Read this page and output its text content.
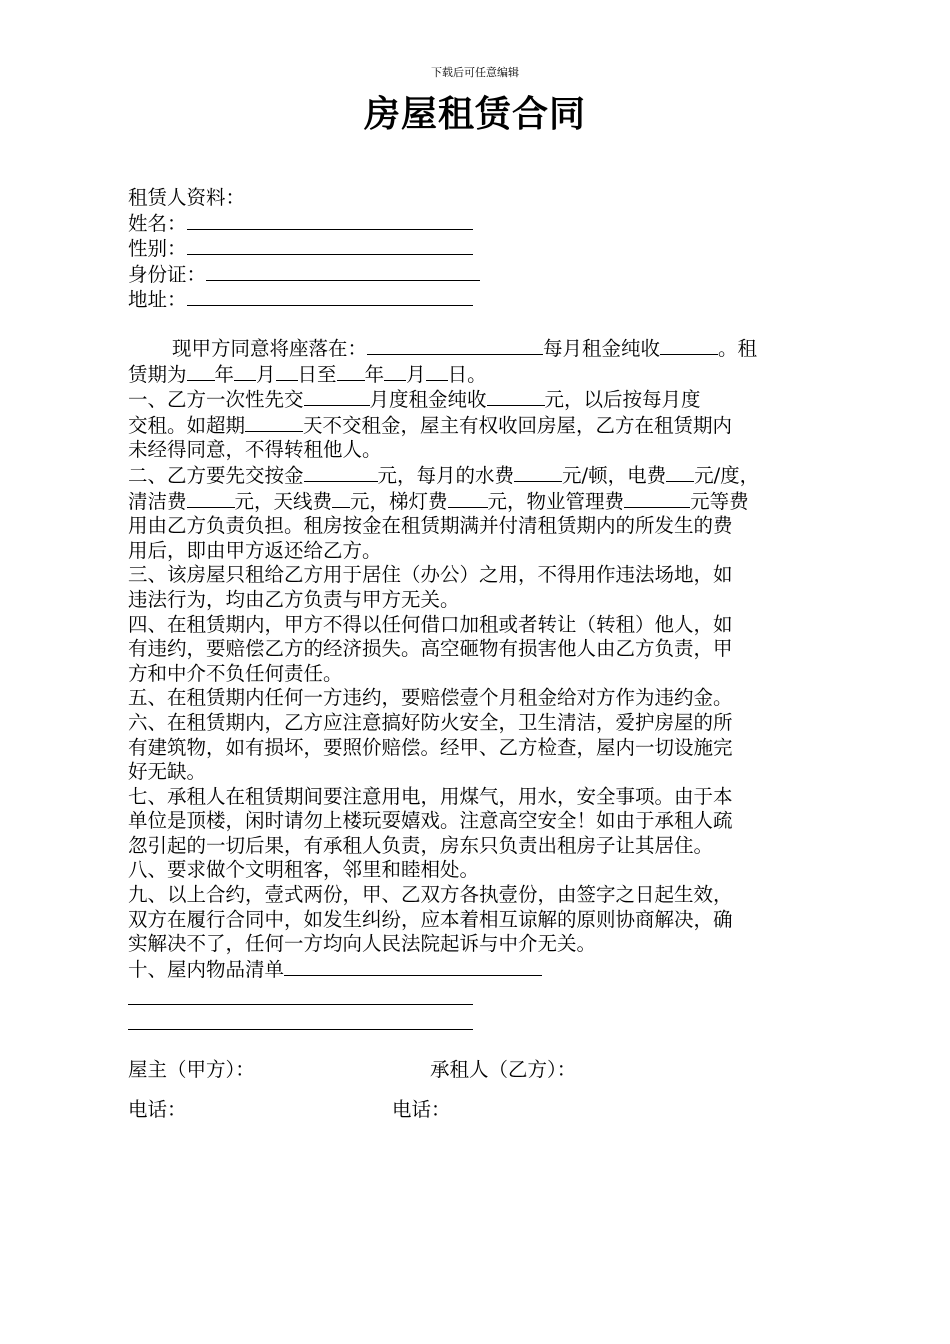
下载后可任意编辑
房屋租赁合同
租赁人资料：
姓名：
性别：
身份证：
地址：
现甲方同意将座落在：	每月租金纯收	。租
赁期为 年 月 日至 年 月 日。
一、乙方一次性先交	月度租金纯收	元，以后按每月度
交租。如超期	天不交租金，屋主有权收回房屋，乙方在租赁期内
未经得同意，不得转租他人。
二、乙方要先交按金	元，每月的水费 元/顿，电费 元/度，
清洁费 元，天线费 元，梯灯费 元，物业管理费	元等费
用由乙方负责负担。租房按金在租赁期满并付清租赁期内的所发生的费
用后，即由甲方返还给乙方。
三、该房屋只租给乙方用于居住（办公）之用，不得用作违法场地，如
违法行为，均由乙方负责与甲方无关。
四、在租赁期内，甲方不得以任何借口加租或者转让（转租）他人，如
有违约，要赔偿乙方的经济损失。高空砸物有损害他人由乙方负责，甲
方和中介不负任何责任。
五、在租赁期内任何一方违约，要赔偿壹个月租金给对方作为违约金。
六、在租赁期内，乙方应注意搞好防火安全，卫生清洁，爱护房屋的所
有建筑物，如有损坏，要照价赔偿。经甲、乙方检查，屋内一切设施完
好无缺。
七、承租人在租赁期间要注意用电，用煤气，用水，安全事项。由于本
单位是顶楼，闲时请勿上楼玩耍嬉戏。注意高空安全！如由于承租人疏
忽引起的一切后果，有承租人负责，房东只负责出租房子让其居住。
八、要求做个文明租客，邻里和睦相处。
九、以上合约，壹式两份，甲、乙双方各执壹份，由签字之日起生效，
双方在履行合同中，如发生纠纷，应本着相互谅解的原则协商解决，确
实解决不了，任何一方均向人民法院起诉与中介无关。
十、屋内物品清单
屋主（甲方）：	承租人（乙方）：
电话：	电话：
